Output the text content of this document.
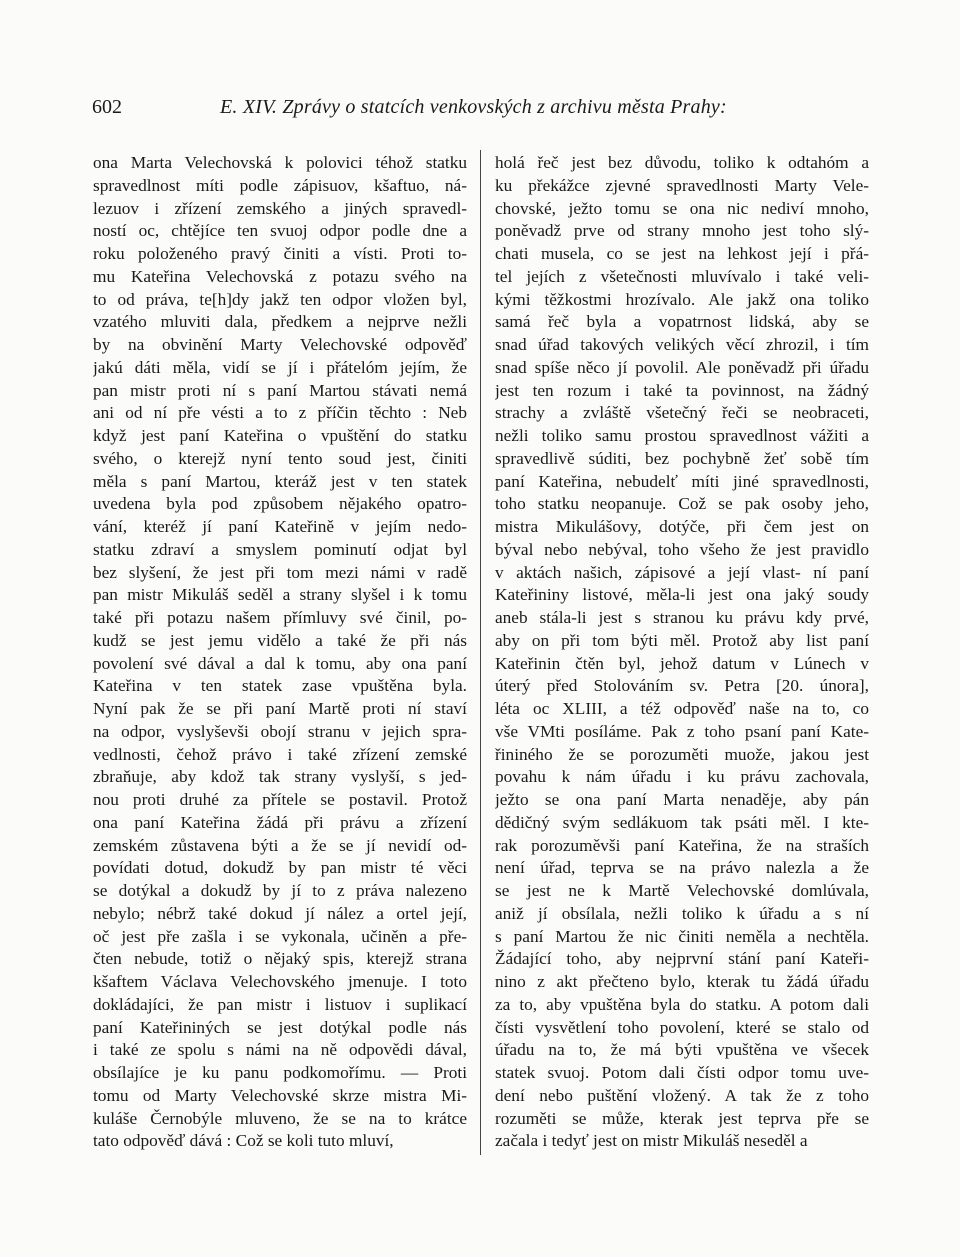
602	E. XIV. Zprávy o statcích venkovských z archivu města Prahy:
ona Marta Velechovská k polovici téhož statku
spravedlnost míti podle zápisuov, kšaftuo, ná-
lezuov i zřízení zemského a jiných spravedl-
ností oc, chtějíce ten svuoj odpor podle dne a
roku položeného pravý činiti a vísti. Proti to-
mu Kateřina Velechovská z potazu svého na
to od práva, te[h]dy jakž ten odpor vložen byl,
vzatého mluviti dala, předkem a nejprve nežli
by na obvinění Marty Velechovské odpověď
jakú dáti měla, vidí se jí i přátelóm jejím, že
pan mistr proti ní s paní Martou stávati nemá
ani od ní pře vésti a to z příčin těchto : Neb
když jest paní Kateřina o vpuštění do statku
svého, o kterejž nyní tento soud jest, činiti
měla s paní Martou, kteráž jest v ten statek
uvedena byla pod způsobem nějakého opatro-
vání, kteréž jí paní Kateřině v jejím nedo-
statku zdraví a smyslem pominutí odjat byl
bez slyšení, že jest při tom mezi námi v radě
pan mistr Mikuláš seděl a strany slyšel i k tomu
také při potazu našem přímluvy své činil, po-
kudž se jest jemu vidělo a také že při nás
povolení své dával a dal k tomu, aby ona paní
Kateřina v ten statek zase vpuštěna byla.
Nyní pak že se při paní Martě proti ní staví
na odpor, vyslyševši obojí stranu v jejich spra-
vedlnosti, čehož právo i také zřízení zemské
zbraňuje, aby kdož tak strany vyslyší, s jed-
nou proti druhé za přítele se postavil. Protož
ona paní Kateřina žádá při právu a zřízení
zemském zůstavena býti a že se jí nevidí od-
povídati dotud, dokudž by pan mistr té věci
se dotýkal a dokudž by jí to z práva nalezeno
nebylo; nébrž také dokud jí nález a ortel její,
oč jest pře zašla i se vykonala, učiněn a pře-
čten nebude, totiž o nějaký spis, kterejž strana
kšaftem Václava Velechovského jmenuje. I toto
dokládajíci, že pan mistr i listuov i suplikací
paní Kateřininých se jest dotýkal podle nás
i také ze spolu s námi na ně odpovědi dával,
obsílajíce je ku panu podkomořímu. — Proti
tomu od Marty Velechovské skrze mistra Mi-
kuláše Černobýle mluveno, že se na to krátce
tato odpověď dává : Což se koli tuto mluví,
holá řeč jest bez důvodu, toliko k odtahóm a
ku překážce zjevné spravedlnosti Marty Vele-
chovské, ježto tomu se ona nic nediví mnoho,
poněvadž prve od strany mnoho jest toho slý-
chati musela, co se jest na lehkost její i přá-
tel jejích z všetečnosti mluvívalo i také veli-
kými těžkostmi hrozívalo. Ale jakž ona toliko
samá řeč byla a vopatrnost lidská, aby se
snad úřad takových velikých věcí zhrozil, i tím
snad spíše něco jí povolil. Ale poněvadž při úřadu
jest ten rozum i také ta povinnost, na žádný
strachy a zvláště všetečný řeči se neobraceti,
nežli toliko samu prostou spravedlnost vážiti a
spravedlivě súditi, bez pochybně žeť sobě tím
paní Kateřina, nebudelť míti jiné spravedlnosti,
toho statku neopanuje. Což se pak osoby jeho,
mistra Mikulášovy, dotýče, při čem jest on
býval nebo nebýval, toho všeho že jest pravidlo
v aktách našich, zápisové a její vlast- ní paní
Kateřininy listové, měla-li jest ona jaký soudy
aneb stála-li jest s stranou ku právu kdy prvé,
aby on při tom býti měl. Protož aby list paní
Kateřinin čtěn byl, jehož datum v Lúnech v
úterý před Stolováním sv. Petra [20. února],
léta oc XLIII, a též odpověď naše na to, co
vše VMti posíláme. Pak z toho psaní paní Kate-
řininého že se porozuměti muože, jakou jest
povahu k nám úřadu i ku právu zachovala,
ježto se ona paní Marta nenaděje, aby pán
dědičný svým sedlákuom tak psáti měl. I kte-
rak porozuměvši paní Kateřina, že na straších
není úřad, teprva se na právo nalezla a že
se jest ne k Martě Velechovské domlúvala,
aniž jí obsílala, nežli toliko k úřadu a s ní
s paní Martou že nic činiti neměla a nechtěla.
Žádající toho, aby nejprvní stání paní Kateři-
nino z akt přečteno bylo, kterak tu žádá úřadu
za to, aby vpuštěna byla do statku. A potom dali
čísti vysvětlení toho povolení, které se stalo od
úřadu na to, že má býti vpuštěna ve všecek
statek svuoj. Potom dali čísti odpor tomu uve-
dení nebo puštění vložený. A tak že z toho
rozuměti se může, kterak jest teprva pře se
začala i tedyť jest on mistr Mikuláš neseděl a
